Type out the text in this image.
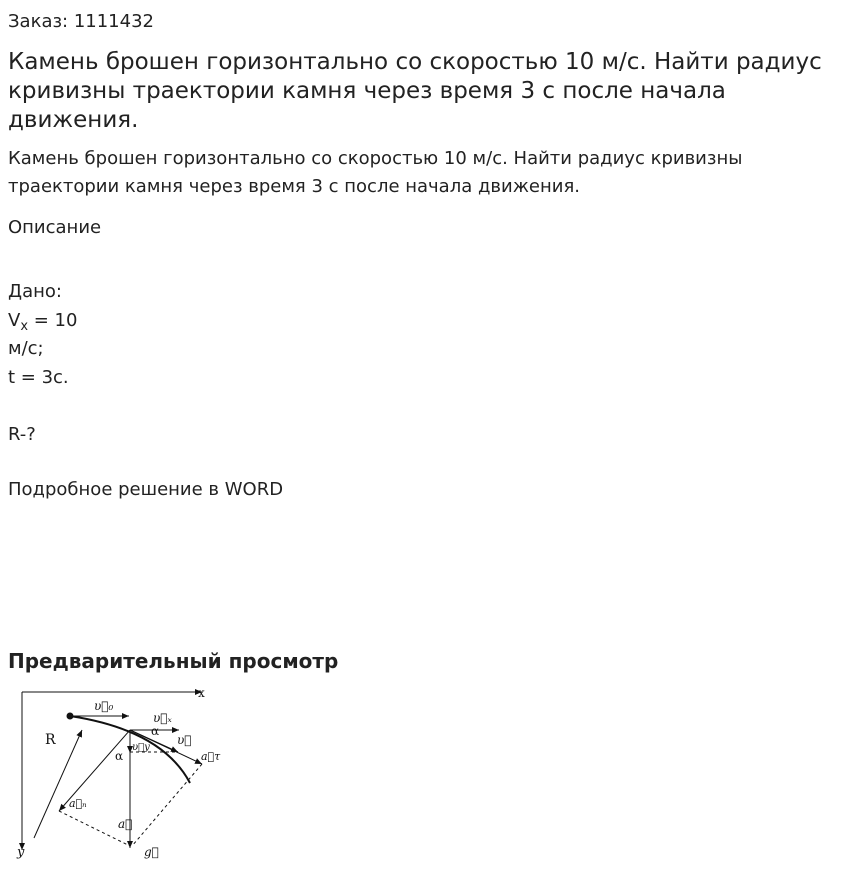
Заказ: 1111432
Камень брошен горизонтально со скоростью 10 м/с. Найти радиус кривизны траектории камня через время 3 с после начала движения.

Камень брошен горизонтально со скоростью 10 м/с. Найти радиус кривизны траектории камня через время 3 с после начала движения.

Описание
Дано:
$V_x = 10$
м/с;
t = 3с.
R-?
Подробное решение в WORD
Предварительный просмотр
x
y
υ⃗₀
υ⃗ₓ
α
υ⃗y
υ⃗
a⃗τ
a⃗ₙ
a⃗
g⃗
α
R
